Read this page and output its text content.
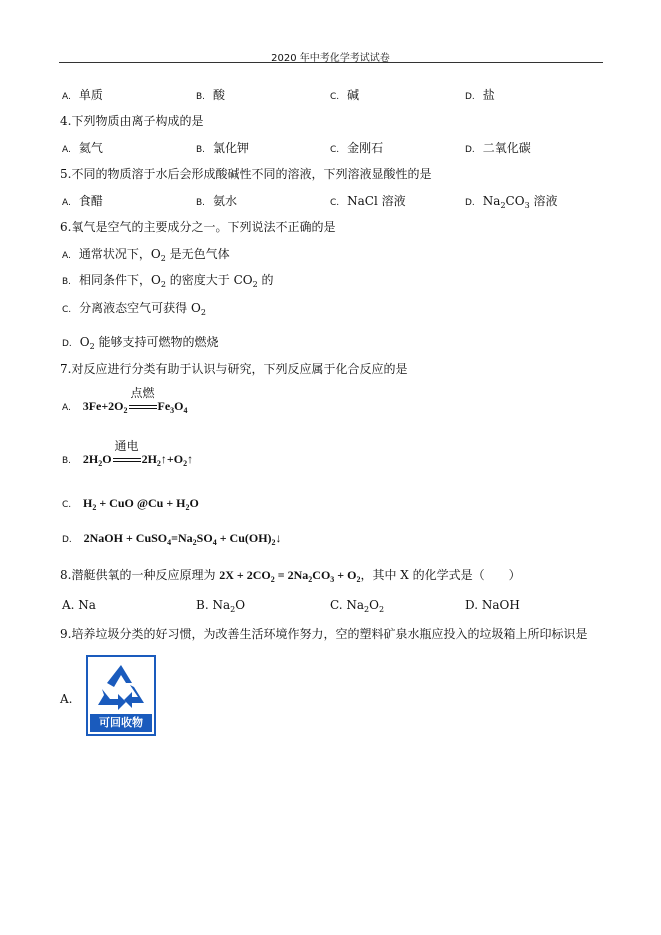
2020 年中考化学考试试卷
A. 单质	B. 酸	C. 碱	D. 盐
4.下列物质由离子构成的是
A. 氦气	B. 氯化钾	C. 金刚石	D. 二氧化碳
5.不同的物质溶于水后会形成酸碱性不同的溶液，下列溶液显酸性的是
A. 食醋	B. 氨水	C. NaCl 溶液	D. $Na_2CO_3$ 溶液
6.氧气是空气的主要成分之一。下列说法不正确的是
A. 通常状况下，$O_2$ 是无色气体
B. 相同条件下，$O_2$ 的密度大于 $CO_2$ 的
C. 分离液态空气可获得 $O_2$
D. $O_2$ 能够支持可燃物的燃烧
7.对反应进行分类有助于认识与研究，下列反应属于化合反应的是
A. $3Fe+2O_2$
点燃
$Fe_3O_4$
B. $2H_2O$
通电
$2H_2↑+O_2↑$
C. $H_2$ + CuO @Cu + $H_2O$
D. 2NaOH + $CuSO_4=Na_2SO_4$ + $Cu(OH)_2↓$
8.潜艇供氧的一种反应原理为 $2X + 2CO_2 = 2Na_2CO_3 + O_2$，其中 X 的化学式是（　　）
A. Na	B. $Na_2O$	C. $Na_2O_2$	D. NaOH
9.培养垃圾分类的好习惯，为改善生活环境作努力，空的塑料矿泉水瓶应投入的垃圾箱上所印标识是
A.
可回收物
